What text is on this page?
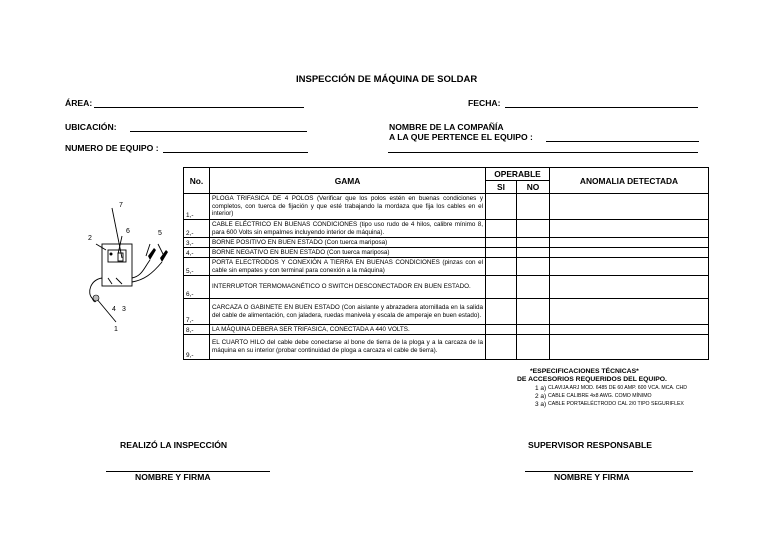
INSPECCIÓN DE MÁQUINA DE SOLDAR
ÁREA:	FECHA:
UBICACIÓN:	NOMBRE DE LA COMPAÑÍA
A LA QUE PERTENCE EL EQUIPO :
NUMERO DE EQUIPO :
7
6	5
2
4 3
1
No.	GAMA	OPERABLE		ANOMALIA DETECTADA
		SI	NO	
1,-	PLOGA TRIFASICA DE 4 POLOS (Verificar que los polos estén en buenas condiciones y completos, con tuerca de fijación y que esté trabajando la mordaza que fija los cables en el interior)			
2,-	CABLE ELÉCTRICO EN BUENAS CONDICIONES (tipo uso rudo de 4 hilos, calibre mínimo 8, para 600 Volts sin empalmes incluyendo interior de máquina).			
3,-	BORNE POSITIVO EN BUEN ESTADO (Con tuerca mariposa)			
4,-	BORNE NEGATIVO EN BUEN ESTADO (Con tuerca mariposa)			
5,-	PORTA ELECTRODOS Y CONEXIÓN A TIERRA EN BUENAS CONDICIONES (pinzas con el cable sin empates y con terminal para conexión a la máquina)			
6,-	INTERRUPTOR TERMOMAGNÉTICO O SWITCH DESCONECTADOR EN BUEN ESTADO.			
7,-	CARCAZA O GABINETE EN BUEN ESTADO (Con aislante y abrazadera atornillada en la salida del cable de alimentación, con jaladera, ruedas manivela y escala de amperaje en buen estado).			
8,-	LA MÁQUINA DEBERA SER TRIFASICA, CONECTADA A 440 VOLTS.			
9,-	EL CUARTO HILO del cable debe conectarse al bone de tierra de la ploga y a la carcaza de la máquina en su interior (probar continuidad de ploga a carcaza el cable de tierra).			
*ESPECIFICACIONES TÉCNICAS*
DE ACCESORIOS REQUERIDOS DEL EQUIPO.
1 a) CLAVIJA ARJ MOD. 6485 DE 60 AMP. 600 VCA. MCA. CHD
2 a) CABLE CALIBRE 4x8 AWG. COMO MÍNIMO
3 a) CABLE PORTAELÉCTRODO CAL 2/0 TIPO SEGURIFLEX
REALIZÓ LA INSPECCIÓN	SUPERVISOR RESPONSABLE
NOMBRE Y FIRMA	NOMBRE Y FIRMA
